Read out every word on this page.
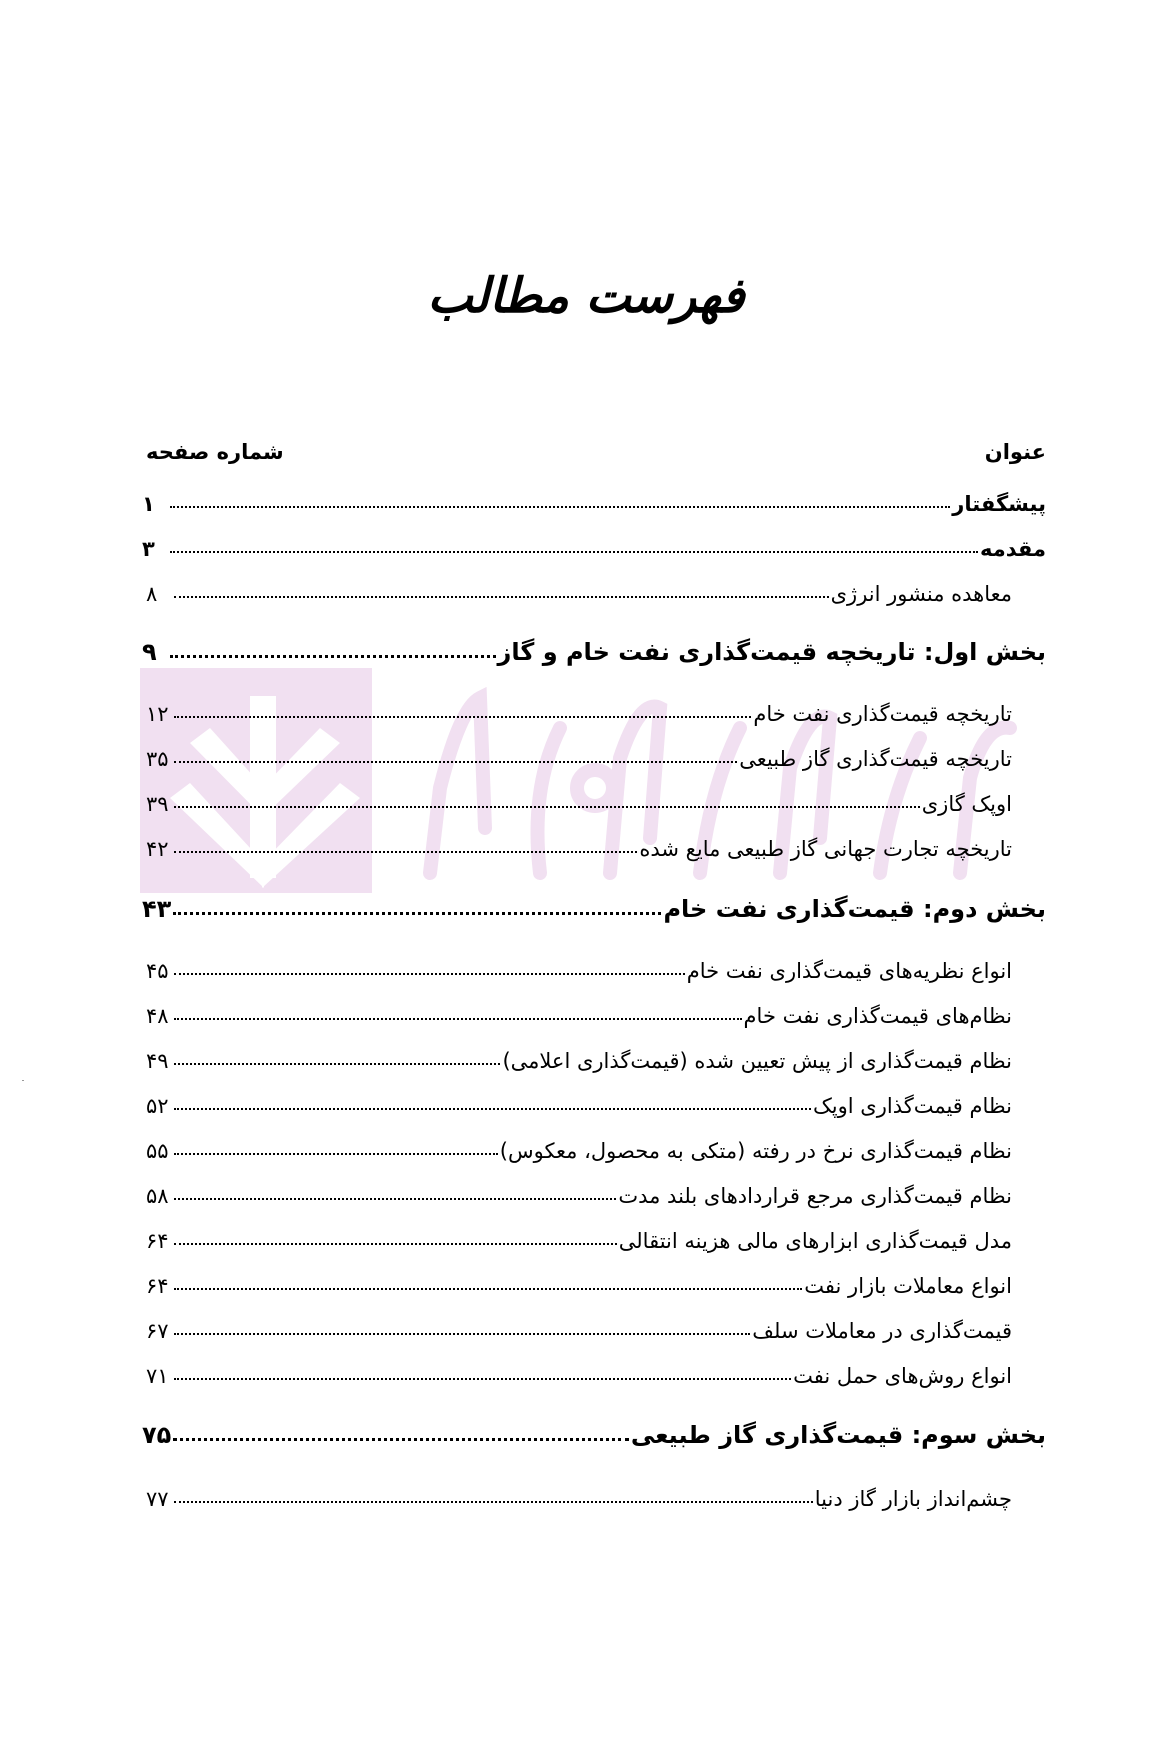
فهرست مطالب
عنوان
شماره صفحه
پیشگفتار
۱
مقدمه
۳
معاهده منشور انرژی
۸
بخش اول: تاریخچه قیمت‌گذاری نفت خام و گاز
۹
تاریخچه قیمت‌گذاری نفت خام
۱۲
تاریخچه قیمت‌گذاری گاز طبیعی
۳۵
اوپک گازی
۳۹
تاریخچه تجارت جهانی گاز طبیعی مایع شده
۴۲
بخش دوم: قیمت‌گذاری نفت خام
۴۳
انواع نظریه‌های قیمت‌گذاری نفت خام
۴۵
نظام‌های قیمت‌گذاری نفت خام
۴۸
نظام قیمت‌گذاری از پیش تعیین شده (قیمت‌گذاری اعلامی)
۴۹
نظام قیمت‌گذاری اوپک
۵۲
نظام قیمت‌گذاری نرخ در رفته (متکی به محصول، معکوس)
۵۵
نظام قیمت‌گذاری مرجع قراردادهای بلند مدت
۵۸
مدل قیمت‌گذاری ابزارهای مالی هزینه انتقالی
۶۴
انواع معاملات بازار نفت
۶۴
قیمت‌گذاری در معاملات سلف
۶۷
انواع روش‌های حمل نفت
۷۱
بخش سوم: قیمت‌گذاری گاز طبیعی
۷۵
چشم‌انداز بازار گاز دنیا
۷۷
